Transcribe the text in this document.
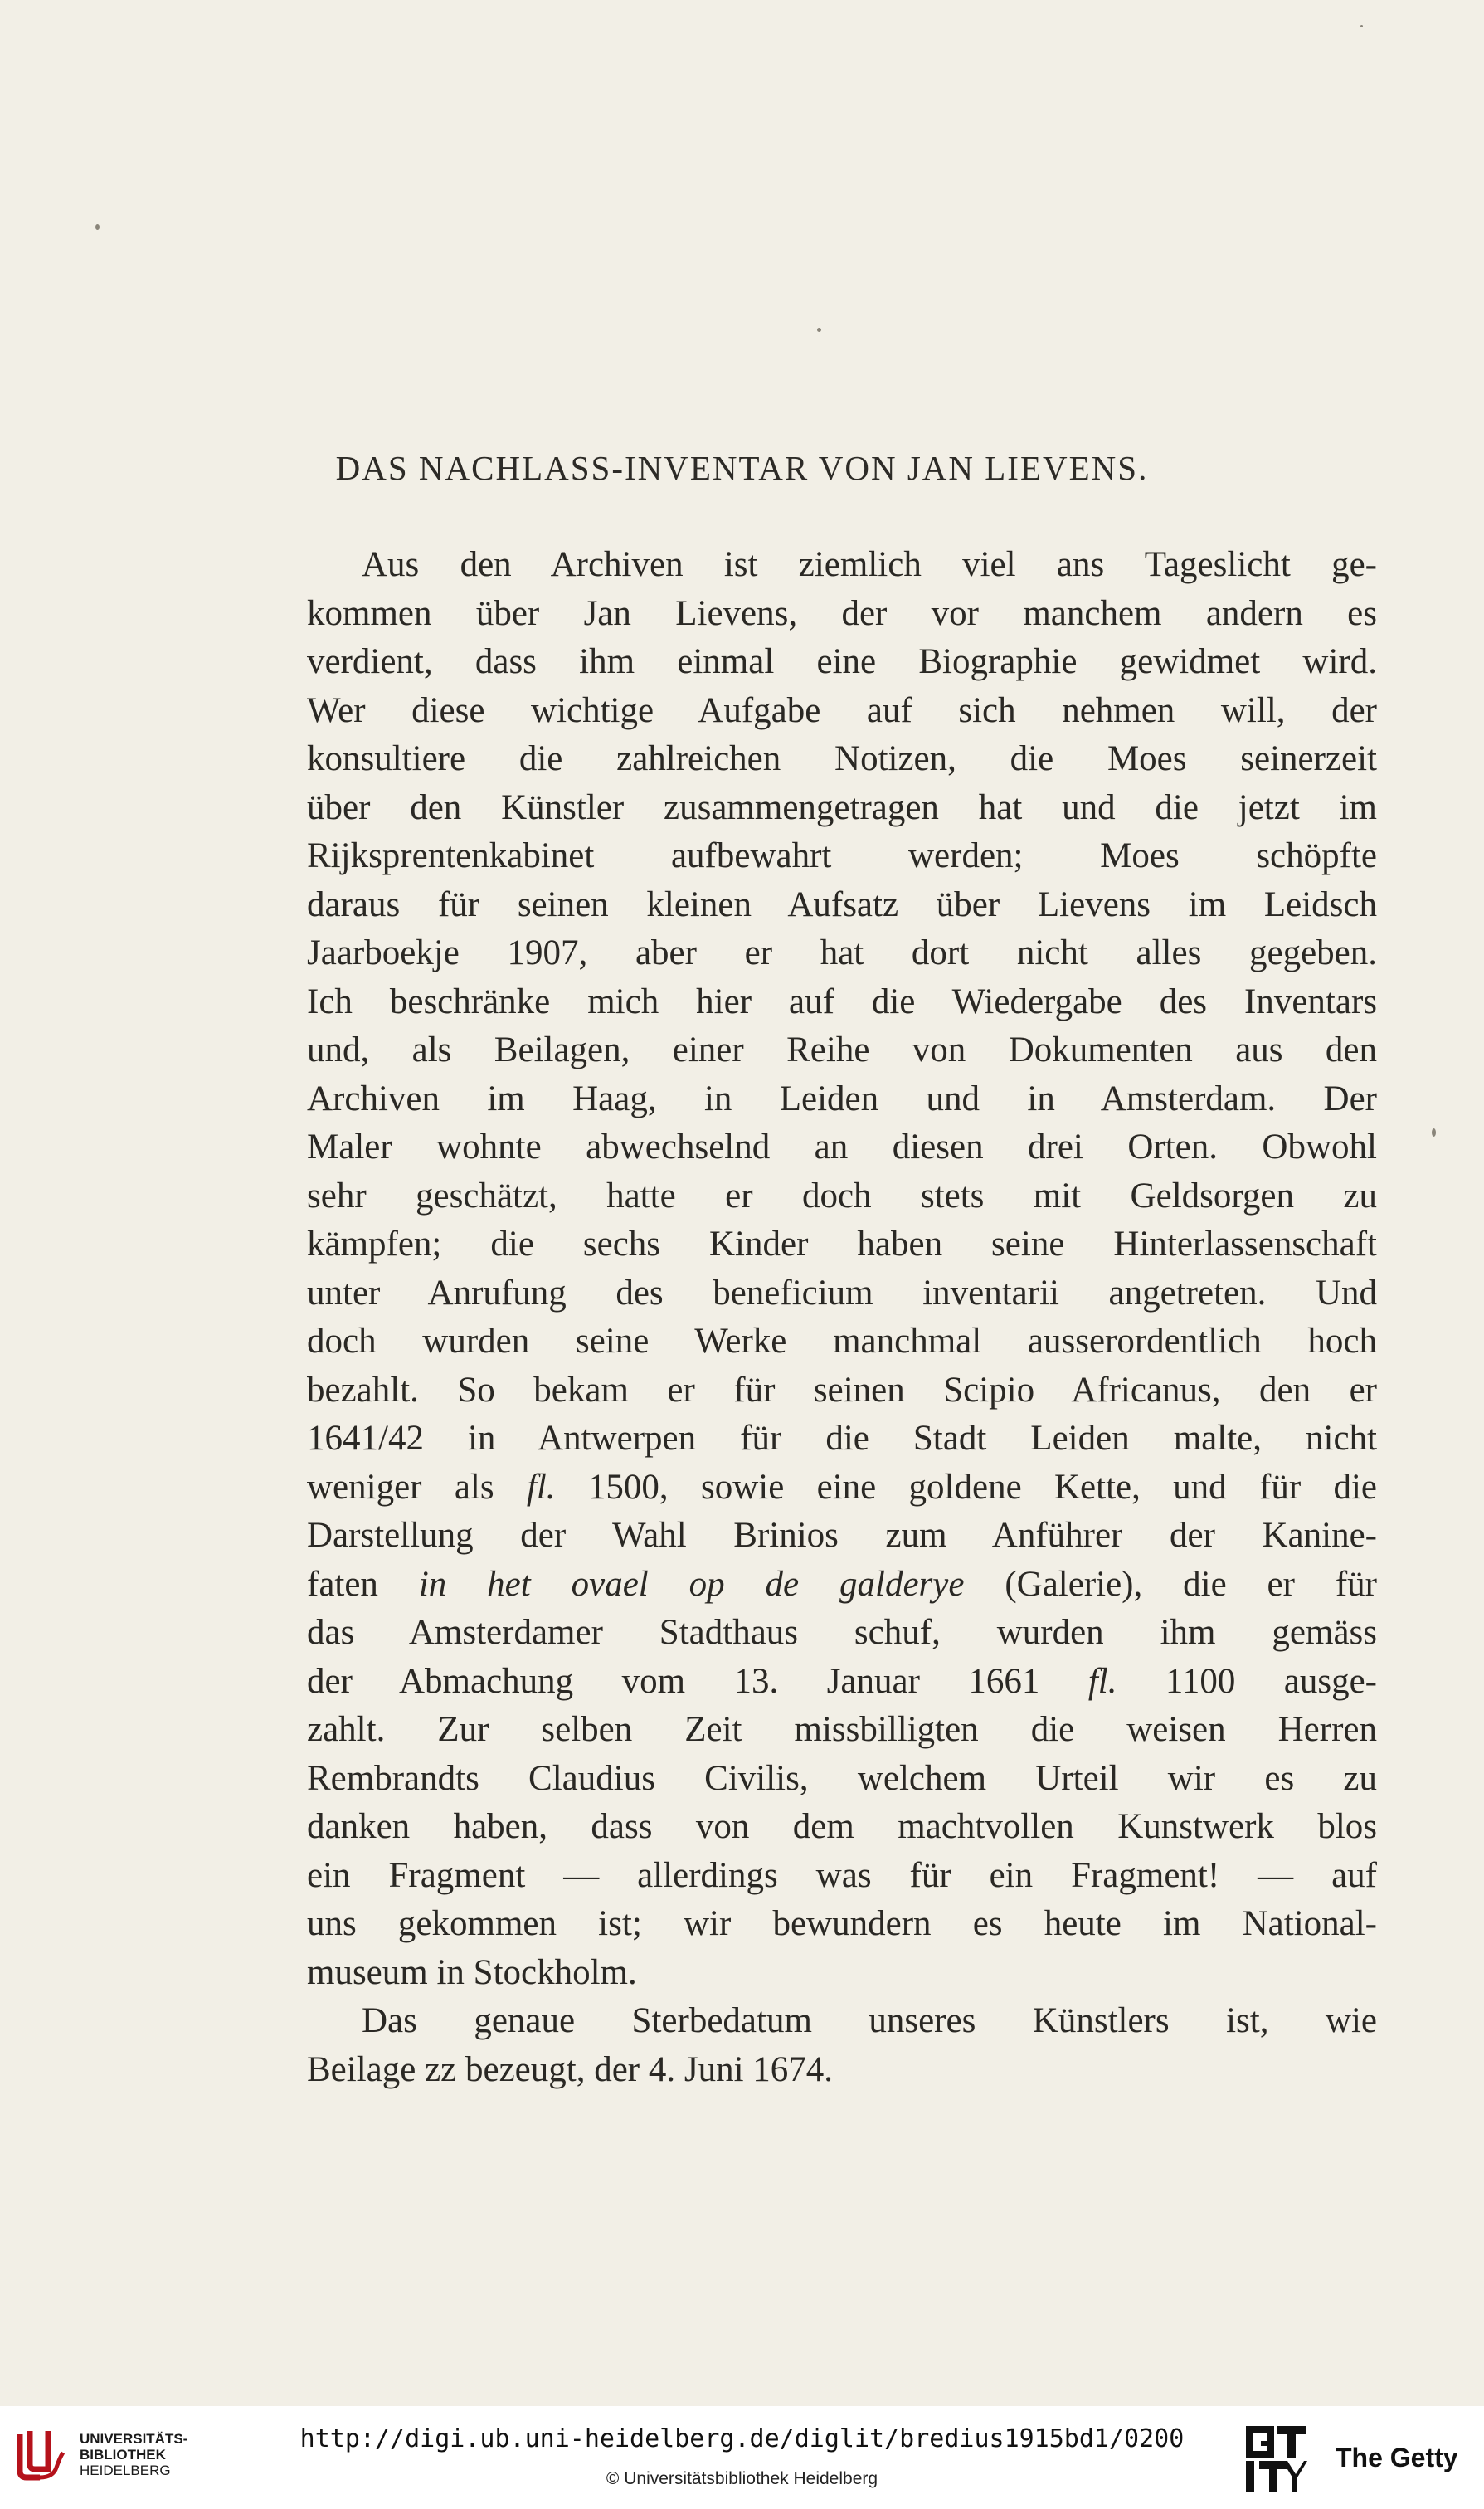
DAS NACHLASS-INVENTAR VON JAN LIEVENS.
Aus den Archiven ist ziemlich viel ans Tageslicht ge-
kommen über Jan Lievens, der vor manchem andern es
verdient, dass ihm einmal eine Biographie gewidmet wird.
Wer diese wichtige Aufgabe auf sich nehmen will, der
konsultiere die zahlreichen Notizen, die Moes seinerzeit
über den Künstler zusammengetragen hat und die jetzt im
Rijksprentenkabinet aufbewahrt werden; Moes schöpfte
daraus für seinen kleinen Aufsatz über Lievens im Leidsch
Jaarboekje 1907, aber er hat dort nicht alles gegeben.
Ich beschränke mich hier auf die Wiedergabe des Inventars
und, als Beilagen, einer Reihe von Dokumenten aus den
Archiven im Haag, in Leiden und in Amsterdam. Der
Maler wohnte abwechselnd an diesen drei Orten. Obwohl
sehr geschätzt, hatte er doch stets mit Geldsorgen zu
kämpfen; die sechs Kinder haben seine Hinterlassenschaft
unter Anrufung des beneficium inventarii angetreten. Und
doch wurden seine Werke manchmal ausserordentlich hoch
bezahlt. So bekam er für seinen Scipio Africanus, den er
1641/42 in Antwerpen für die Stadt Leiden malte, nicht
weniger als fl. 1500, sowie eine goldene Kette, und für die
Darstellung der Wahl Brinios zum Anführer der Kanine-
faten in het ovael op de galderye (Galerie), die er für
das Amsterdamer Stadthaus schuf, wurden ihm gemäss
der Abmachung vom 13. Januar 1661 fl. 1100 ausge-
zahlt. Zur selben Zeit missbilligten die weisen Herren
Rembrandts Claudius Civilis, welchem Urteil wir es zu
danken haben, dass von dem machtvollen Kunstwerk blos
ein Fragment — allerdings was für ein Fragment! — auf
uns gekommen ist; wir bewundern es heute im National-
museum in Stockholm.
Das genaue Sterbedatum unseres Künstlers ist, wie
Beilage zz bezeugt, der 4. Juni 1674.
UNIVERSITÄTS-
BIBLIOTHEK
HEIDELBERG
http://digi.ub.uni-heidelberg.de/diglit/bredius1915bd1/0200
© Universitätsbibliothek Heidelberg
The Getty
